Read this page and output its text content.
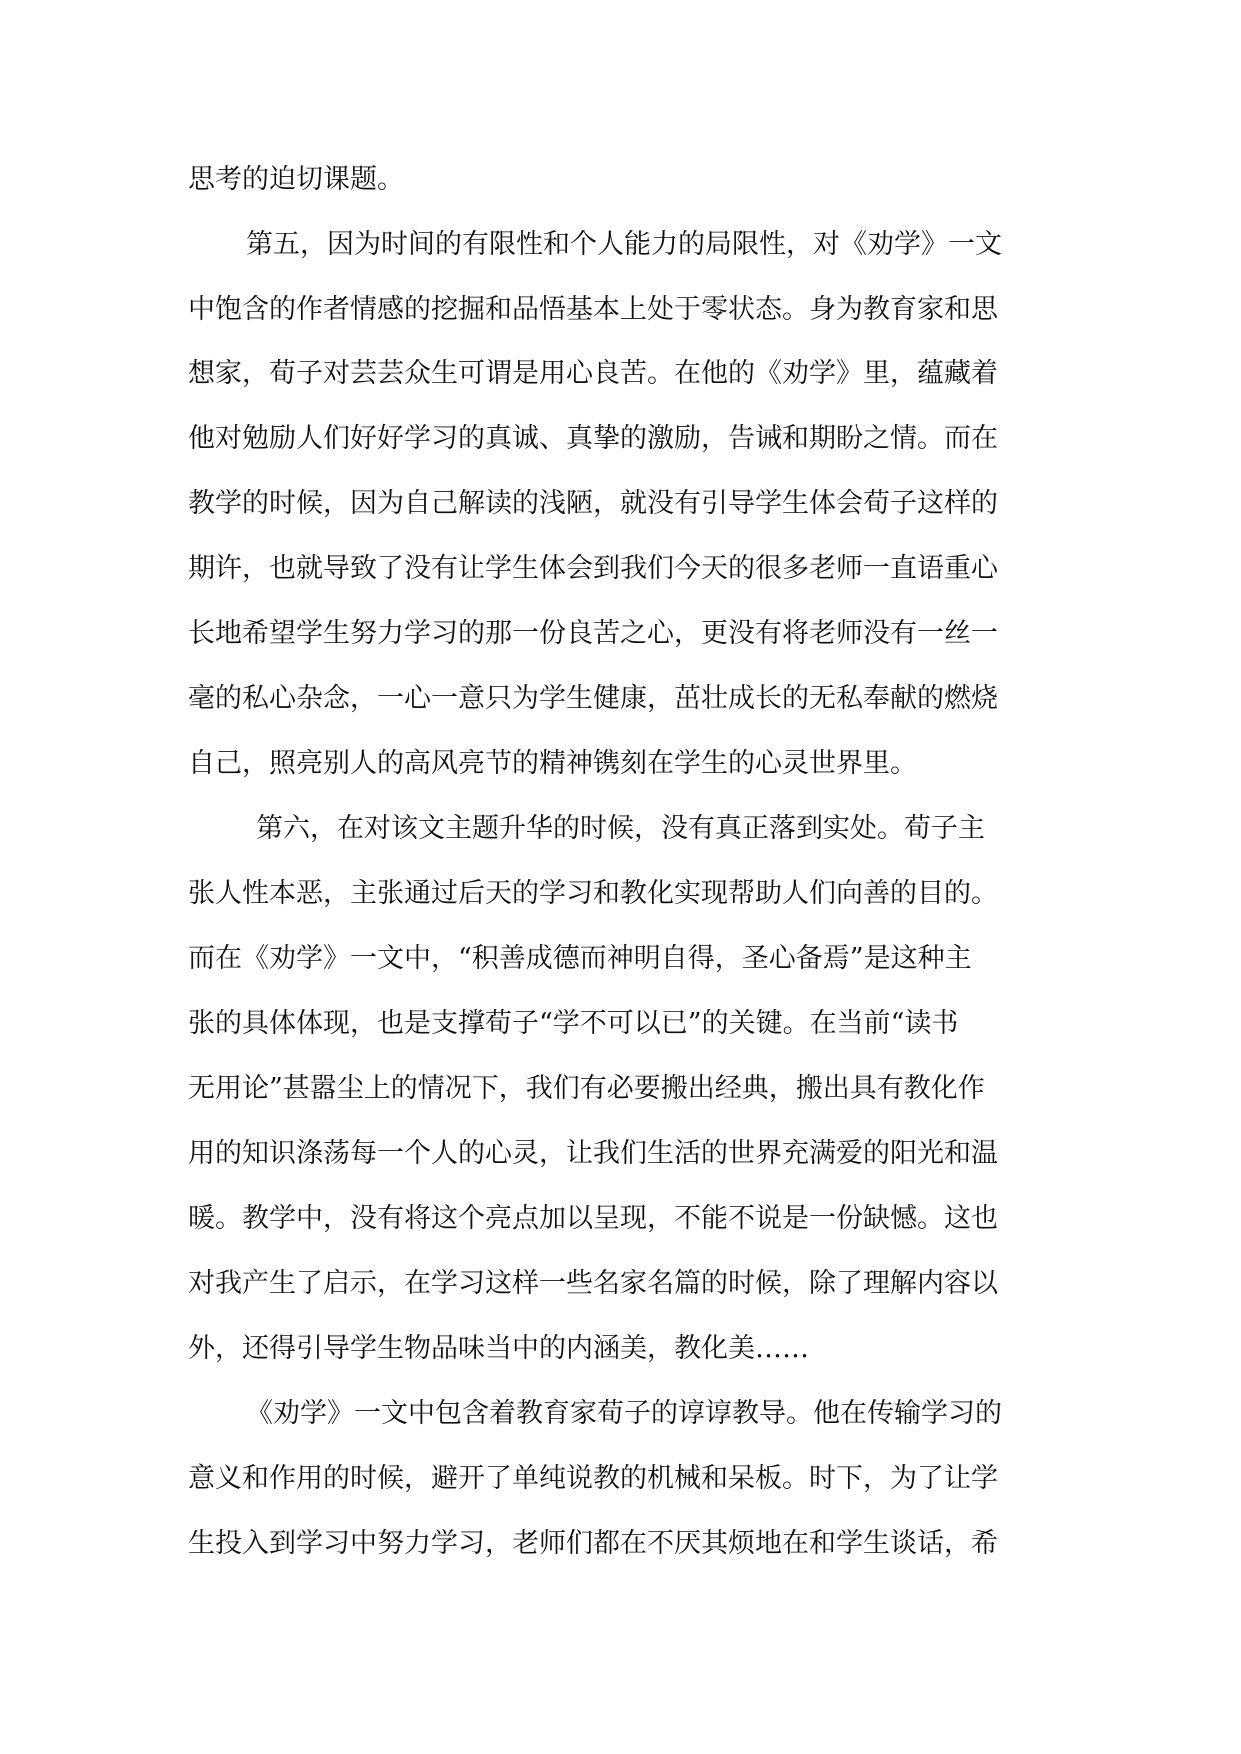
思考的迫切课题。
第五，因为时间的有限性和个人能力的局限性，对《劝学》一文
中饱含的作者情感的挖掘和品悟基本上处于零状态。身为教育家和思
想家，荀子对芸芸众生可谓是用心良苦。在他的《劝学》里，蕴藏着
他对勉励人们好好学习的真诚、真挚的激励，告诫和期盼之情。而在
教学的时候，因为自己解读的浅陋，就没有引导学生体会荀子这样的
期许，也就导致了没有让学生体会到我们今天的很多老师一直语重心
长地希望学生努力学习的那一份良苦之心，更没有将老师没有一丝一
毫的私心杂念，一心一意只为学生健康，茁壮成长的无私奉献的燃烧
自己，照亮别人的高风亮节的精神镌刻在学生的心灵世界里。
第六，在对该文主题升华的时候，没有真正落到实处。荀子主
张人性本恶，主张通过后天的学习和教化实现帮助人们向善的目的。
而在《劝学》一文中，“积善成德而神明自得，圣心备焉”是这种主
张的具体体现，也是支撑荀子“学不可以已”的关键。在当前“读书
无用论”甚嚣尘上的情况下，我们有必要搬出经典，搬出具有教化作
用的知识涤荡每一个人的心灵，让我们生活的世界充满爱的阳光和温
暖。教学中，没有将这个亮点加以呈现，不能不说是一份缺憾。这也
对我产生了启示，在学习这样一些名家名篇的时候，除了理解内容以
外，还得引导学生物品味当中的内涵美，教化美……
《劝学》一文中包含着教育家荀子的谆谆教导。他在传输学习的
意义和作用的时候，避开了单纯说教的机械和呆板。时下，为了让学
生投入到学习中努力学习，老师们都在不厌其烦地在和学生谈话，希
